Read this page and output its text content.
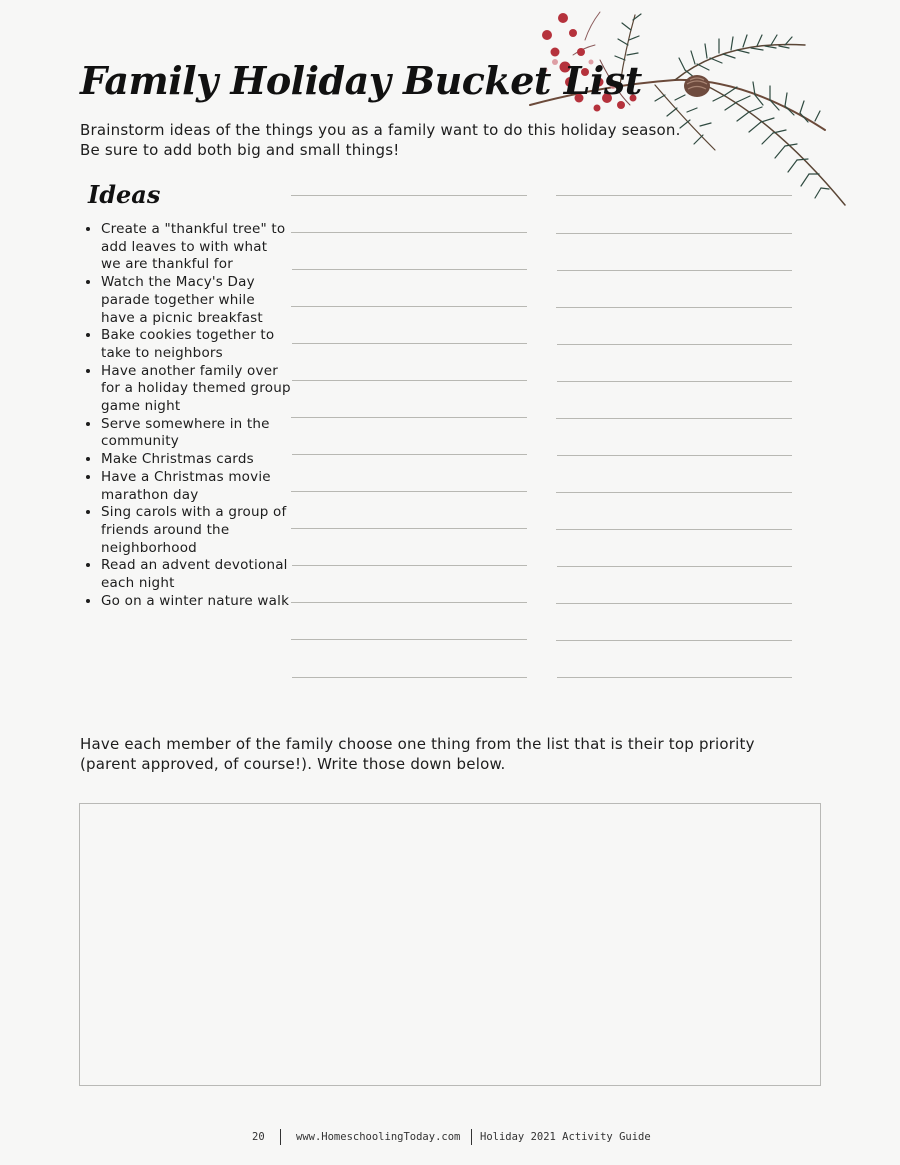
Family Holiday Bucket List
Brainstorm ideas of the things you as a family want to do this holiday season.
Be sure to add both big and small things!
Ideas
• Create a "thankful tree" to add leaves to with what we are thankful for
• Watch the Macy's Day parade together while have a picnic breakfast
• Bake cookies together to take to neighbors
• Have another family over for a holiday themed group game night
• Serve somewhere in the community
• Make Christmas cards
• Have a Christmas movie marathon day
• Sing carols with a group of friends around the neighborhood
• Read an advent devotional each night
• Go on a winter nature walk
Have each member of the family choose one thing from the list that is their top priority
(parent approved, of course!). Write those down below.
20	www.HomeschoolingToday.com Holiday 2021 Activity Guide
